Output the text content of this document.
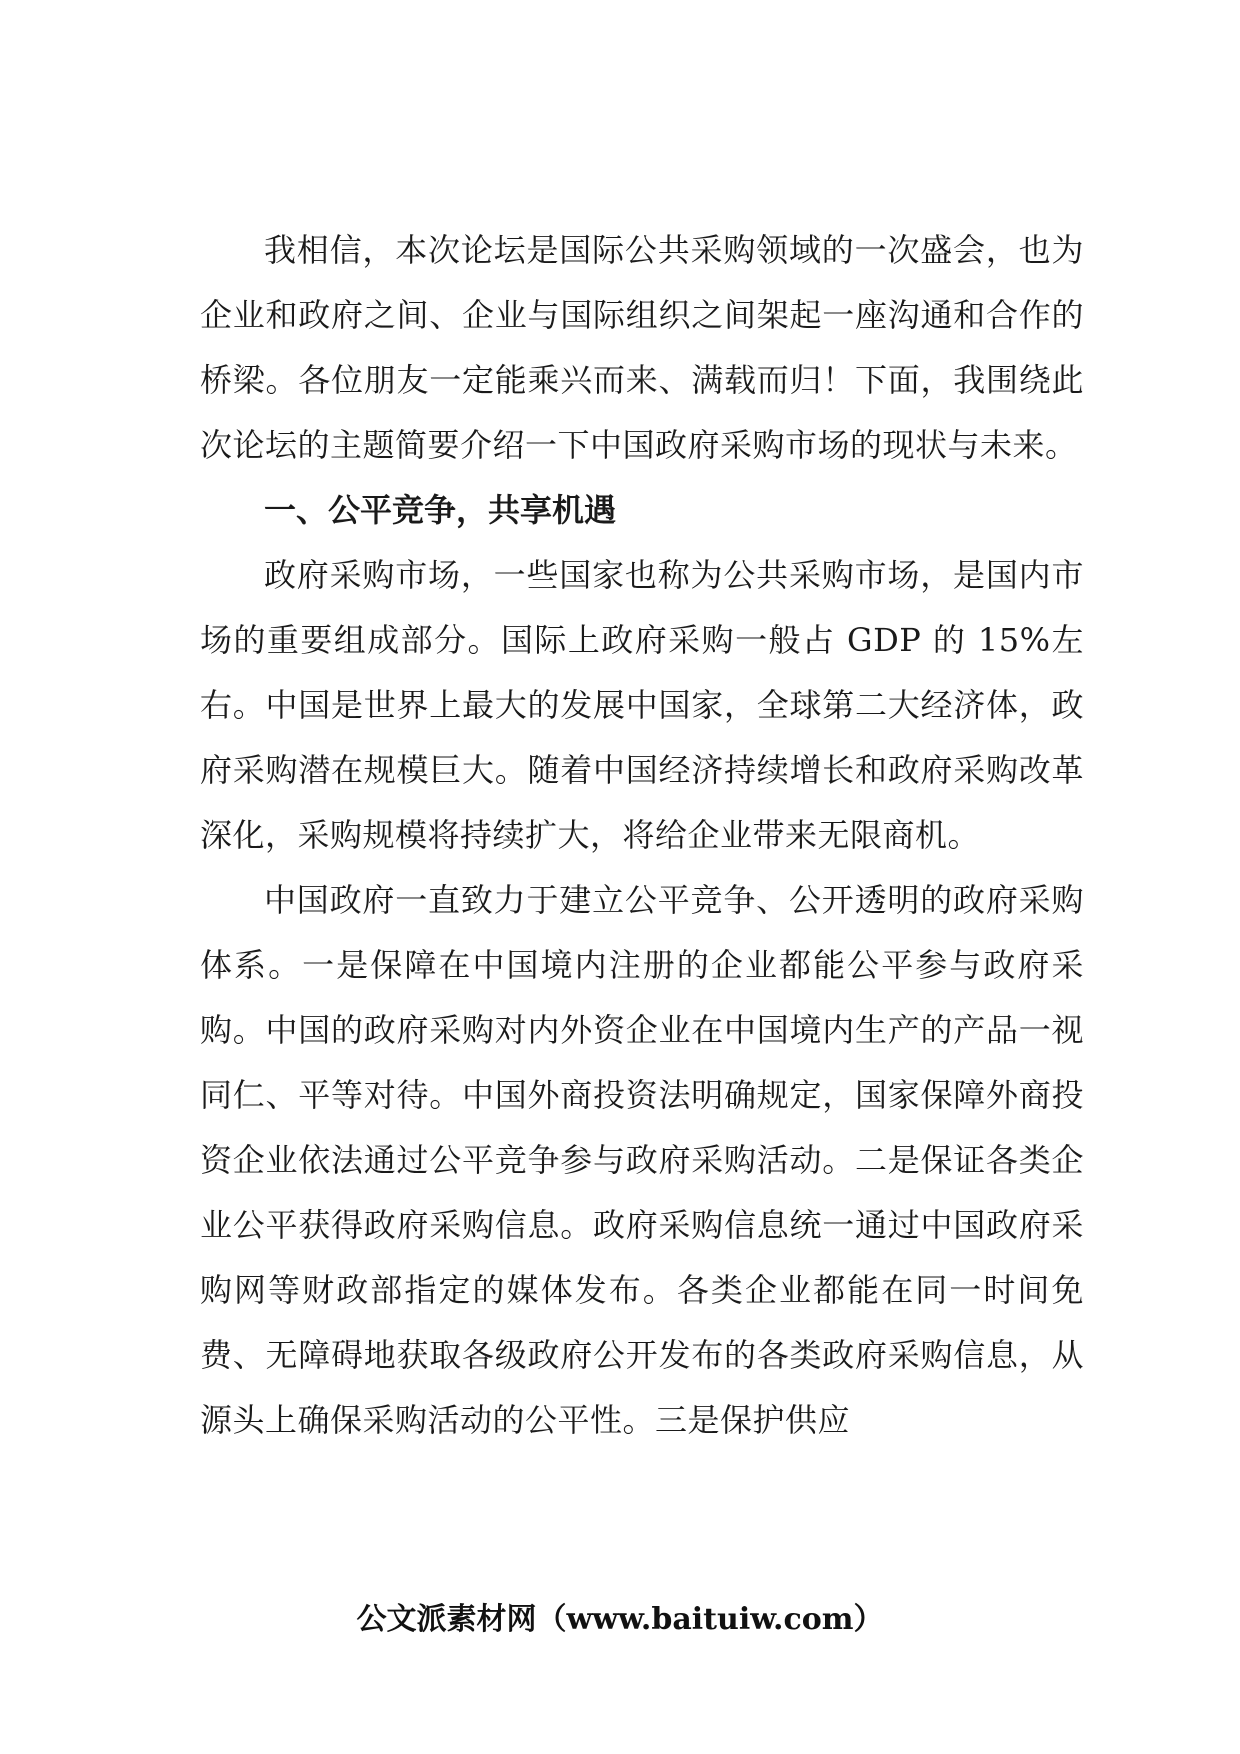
我相信，本次论坛是国际公共采购领域的一次盛会，也为企业和政府之间、企业与国际组织之间架起一座沟通和合作的桥梁。各位朋友一定能乘兴而来、满载而归！下面，我围绕此次论坛的主题简要介绍一下中国政府采购市场的现状与未来。

一、公平竞争，共享机遇

政府采购市场，一些国家也称为公共采购市场，是国内市场的重要组成部分。国际上政府采购一般占 GDP 的 15%左右。中国是世界上最大的发展中国家，全球第二大经济体，政府采购潜在规模巨大。随着中国经济持续增长和政府采购改革深化，采购规模将持续扩大，将给企业带来无限商机。

中国政府一直致力于建立公平竞争、公开透明的政府采购体系。一是保障在中国境内注册的企业都能公平参与政府采购。中国的政府采购对内外资企业在中国境内生产的产品一视同仁、平等对待。中国外商投资法明确规定，国家保障外商投资企业依法通过公平竞争参与政府采购活动。二是保证各类企业公平获得政府采购信息。政府采购信息统一通过中国政府采购网等财政部指定的媒体发布。各类企业都能在同一时间免费、无障碍地获取各级政府公开发布的各类政府采购信息，从源头上确保采购活动的公平性。三是保护供应

公文派素材网（www.baituiw.com）
